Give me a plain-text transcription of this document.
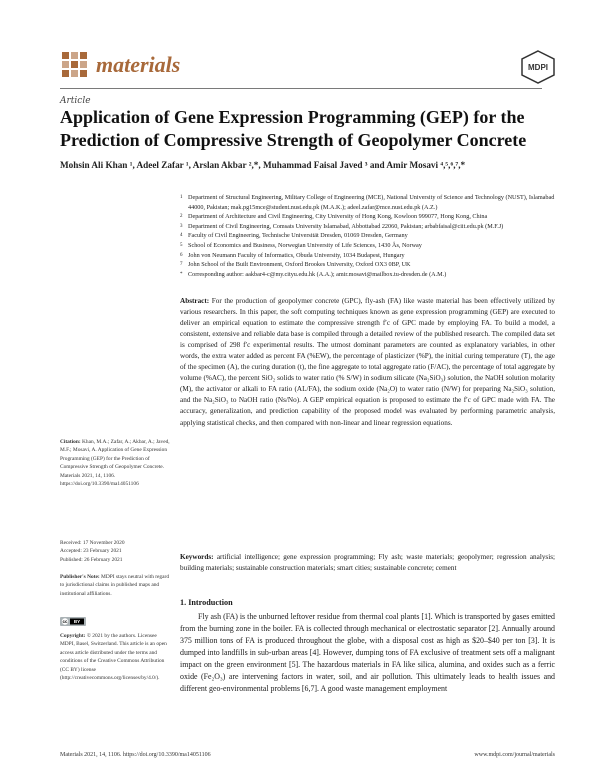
materials	MDPI
Article
Application of Gene Expression Programming (GEP) for the Prediction of Compressive Strength of Geopolymer Concrete
Mohsin Ali Khan ¹, Adeel Zafar ¹, Arslan Akbar ²,*, Muhammad Faisal Javed ³ and Amir Mosavi ⁴,⁵,⁶,⁷,*
1 Department of Structural Engineering, Military College of Engineering (MCE), National University of Science and Technology (NUST), Islamabad 44000, Pakistan; mak.pg15mce@student.nust.edu.pk (M.A.K.); adeel.zafar@mce.nust.edu.pk (A.Z.)
2 Department of Architecture and Civil Engineering, City University of Hong Kong, Kowloon 999077, Hong Kong, China
3 Department of Civil Engineering, Comsats University Islamabad, Abbottabad 22060, Pakistan; arbabfaisal@ciit.edu.pk (M.F.J)
4 Faculty of Civil Engineering, Technische Universität Dresden, 01069 Dresden, Germany
5 School of Economics and Business, Norwegian University of Life Sciences, 1430 Ås, Norway
6 John von Neumann Faculty of Informatics, Obuda University, 1034 Budapest, Hungary
7 John School of the Built Environment, Oxford Brookes University, Oxford OX3 0BP, UK
* Corresponding author: aakbar4-c@my.cityu.edu.hk (A.A.); amir.mosavi@mailbox.tu-dresden.de (A.M.)
Abstract: For the production of geopolymer concrete (GPC), fly-ash (FA) like waste material has been effectively utilized by various researchers. In this paper, the soft computing techniques known as gene expression programming (GEP) are executed to deliver an empirical equation to estimate the compressive strength f′c of GPC made by employing FA. To build a model, a consistent, extensive and reliable data base is compiled through a detailed review of the published research. The compiled data set is comprised of 298 f′c experimental results. The utmost dominant parameters are counted as explanatory variables, in other words, the extra water added as percent FA (%EW), the percentage of plasticizer (%P), the initial curing temperature (T), the age of the specimen (A), the curing duration (t), the fine aggregate to total aggregate ratio (F/AC), the percentage of total aggregate by volume (%AC), the percent SiO₂ solids to water ratio (% S/W) in sodium silicate (Na₂SiO₃) solution, the NaOH solution molarity (M), the activator or alkali to FA ratio (AL/FA), the sodium oxide (Na₂O) to water ratio (N/W) for preparing Na₂SiO₃ solution, and the Na₂SiO₃ to NaOH ratio (Ns/No). A GEP empirical equation is proposed to estimate the f′c of GPC made with FA. The accuracy, generalization, and prediction capability of the proposed model was evaluated by performing parametric analysis, applying statistical checks, and then compared with non-linear and linear regression equations.
Keywords: artificial intelligence; gene expression programming; Fly ash; waste materials; geopolymer; regression analysis; building materials; sustainable construction materials; smart cities; sustainable concrete; cement
Citation: Khan, M.A.; Zafar, A.; Akbar, A.; Javed, M.F.; Mosavi, A. Application of Gene Expression Programming (GEP) for the Prediction of Compressive Strength of Geopolymer Concrete. Materials 2021, 14, 1106. https://doi.org/10.3390/ma14051106
Received: 17 November 2020
Accepted: 23 February 2021
Published: 26 February 2021
Publisher's Note: MDPI stays neutral with regard to jurisdictional claims in published maps and institutional affiliations.
cc BY
Copyright: © 2021 by the authors. Licensee MDPI, Basel, Switzerland. This article is an open access article distributed under the terms and conditions of the Creative Commons Attribution (CC BY) license (http://creativecommons.org/licenses/by/4.0/).
1. Introduction
Fly ash (FA) is the unburned leftover residue from thermal coal plants [1]. Which is transported by gases emitted from the burning zone in the boiler. FA is collected through mechanical or electrostatic separator [2]. Annually around 375 million tons of FA is produced throughout the globe, with a disposal cost as high as $20–$40 per ton [3]. It is dumped into landfills in sub-urban areas [4]. However, dumping tons of FA exclusive of treatment sets off a malignant impact on the green environment [5]. The hazardous materials in FA like silica, alumina, and oxides such as a ferric oxide (Fe₂O₃) are intervening factors in water, soil, and air pollution. This ultimately leads to health issues and different geo-environmental problems [6,7]. A good waste management employment
Materials 2021, 14, 1106. https://doi.org/10.3390/ma14051106	www.mdpi.com/journal/materials
